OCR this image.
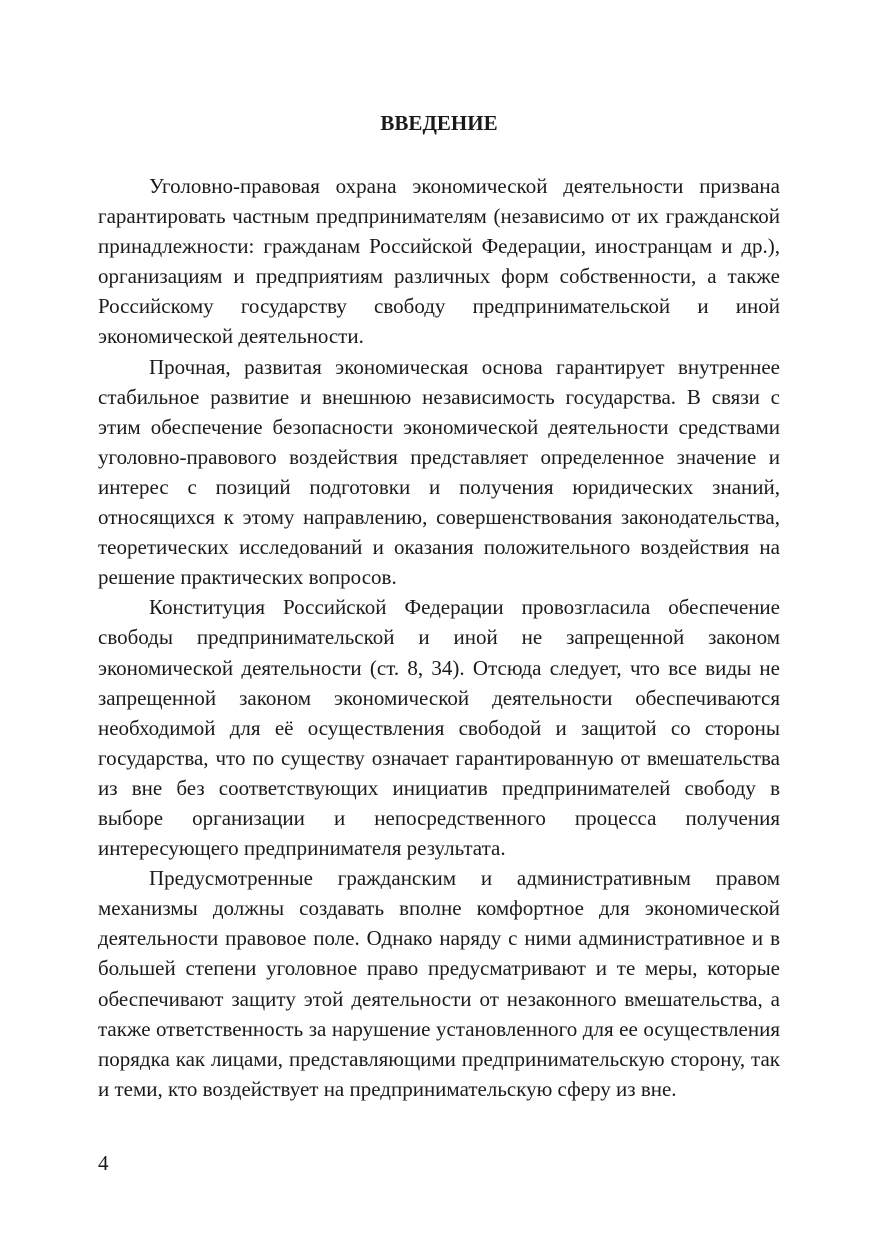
ВВЕДЕНИЕ

Уголовно-правовая охрана экономической деятельности призвана гарантировать частным предпринимателям (независимо от их гражданской принадлежности: гражданам Российской Федерации, иностранцам и др.), организациям и предприятиям различных форм собственности, а также Российскому государству свободу предпринимательской и иной экономической деятельности.

Прочная, развитая экономическая основа гарантирует внутреннее стабильное развитие и внешнюю независимость государства. В связи с этим обеспечение безопасности экономической деятельности средствами уголовно-правового воздействия представляет определенное значение и интерес с позиций подготовки и получения юридических знаний, относящихся к этому направлению, совершенствования законодательства, теоретических исследований и оказания положительного воздействия на решение практических вопросов.

Конституция Российской Федерации провозгласила обеспечение свободы предпринимательской и иной не запрещенной законом экономической деятельности (ст. 8, 34). Отсюда следует, что все виды не запрещенной законом экономической деятельности обеспечиваются необходимой для её осуществления свободой и защитой со стороны государства, что по существу означает гарантированную от вмешательства из вне без соответствующих инициатив предпринимателей свободу в выборе организации и непосредственного процесса получения интересующего предпринимателя результата.

Предусмотренные гражданским и административным правом механизмы должны создавать вполне комфортное для экономической деятельности правовое поле. Однако наряду с ними административное и в большей степени уголовное право предусматривают и те меры, которые обеспечивают защиту этой деятельности от незаконного вмешательства, а также ответственность за нарушение установленного для ее осуществления порядка как лицами, представляющими предпринимательскую сторону, так и теми, кто воздействует на предпринимательскую сферу из вне.

4
